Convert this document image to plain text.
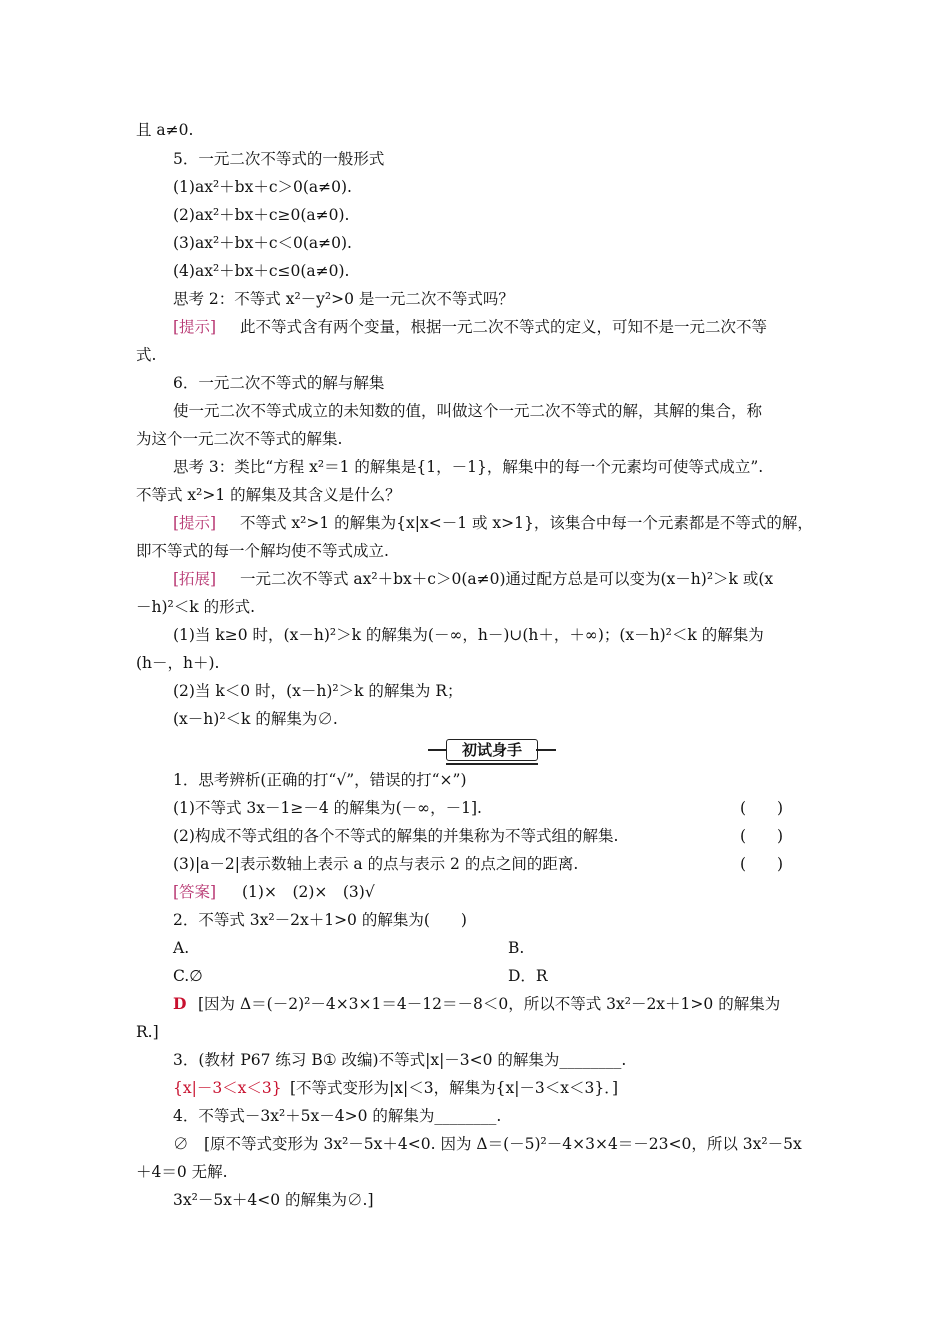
且 a≠0.
5．一元二次不等式的一般形式
(1)ax²＋bx＋c＞0(a≠0).
(2)ax²＋bx＋c≥0(a≠0).
(3)ax²＋bx＋c＜0(a≠0).
(4)ax²＋bx＋c≤0(a≠0).
思考 2：不等式 x²－y²>0 是一元二次不等式吗？
[提示] 此不等式含有两个变量，根据一元二次不等式的定义，可知不是一元二次不等
式.
6．一元二次不等式的解与解集
使一元二次不等式成立的未知数的值，叫做这个一元二次不等式的解，其解的集合，称
为这个一元二次不等式的解集.
思考 3：类比“方程 x²＝1 的解集是{1，－1}，解集中的每一个元素均可使等式成立”.
不等式 x²>1 的解集及其含义是什么？
[提示] 不等式 x²>1 的解集为{x|x<－1 或 x>1}，该集合中每一个元素都是不等式的解，
即不等式的每一个解均使不等式成立.
[拓展] 一元二次不等式 ax²＋bx＋c＞0(a≠0)通过配方总是可以变为(x－h)²＞k 或(x
－h)²＜k 的形式.
(1)当 k≥0 时，(x－h)²＞k 的解集为(－∞，h－)∪(h＋，＋∞)；(x－h)²＜k 的解集为
(h－，h＋).
(2)当 k＜0 时，(x－h)²＞k 的解集为 R；
(x－h)²＜k 的解集为∅.
初试身手
1．思考辨析(正确的打“√”，错误的打“×”)
(1)不等式 3x－1≥－4 的解集为(－∞，－1].	(　　)
(2)构成不等式组的各个不等式的解集的并集称为不等式组的解集.	(　　)
(3)|a－2|表示数轴上表示 a 的点与表示 2 的点之间的距离.	(　　)
[答案] (1)×　(2)×　(3)√
2．不等式 3x²－2x＋1>0 的解集为(　　)
A.	B.
C.∅	D．R
D [因为 Δ＝(－2)²－4×3×1＝4－12＝－8＜0，所以不等式 3x²－2x＋1>0 的解集为
R.]
3．(教材 P67 练习 B① 改编)不等式|x|－3<0 的解集为________.
{x|－3＜x＜3} [不等式变形为|x|＜3，解集为{x|－3＜x＜3}．]
4．不等式－3x²＋5x－4>0 的解集为________.
∅　[原不等式变形为 3x²－5x＋4<0. 因为 Δ＝(－5)²－4×3×4＝－23<0，所以 3x²－5x
＋4＝0 无解.
3x²－5x＋4<0 的解集为∅.]
